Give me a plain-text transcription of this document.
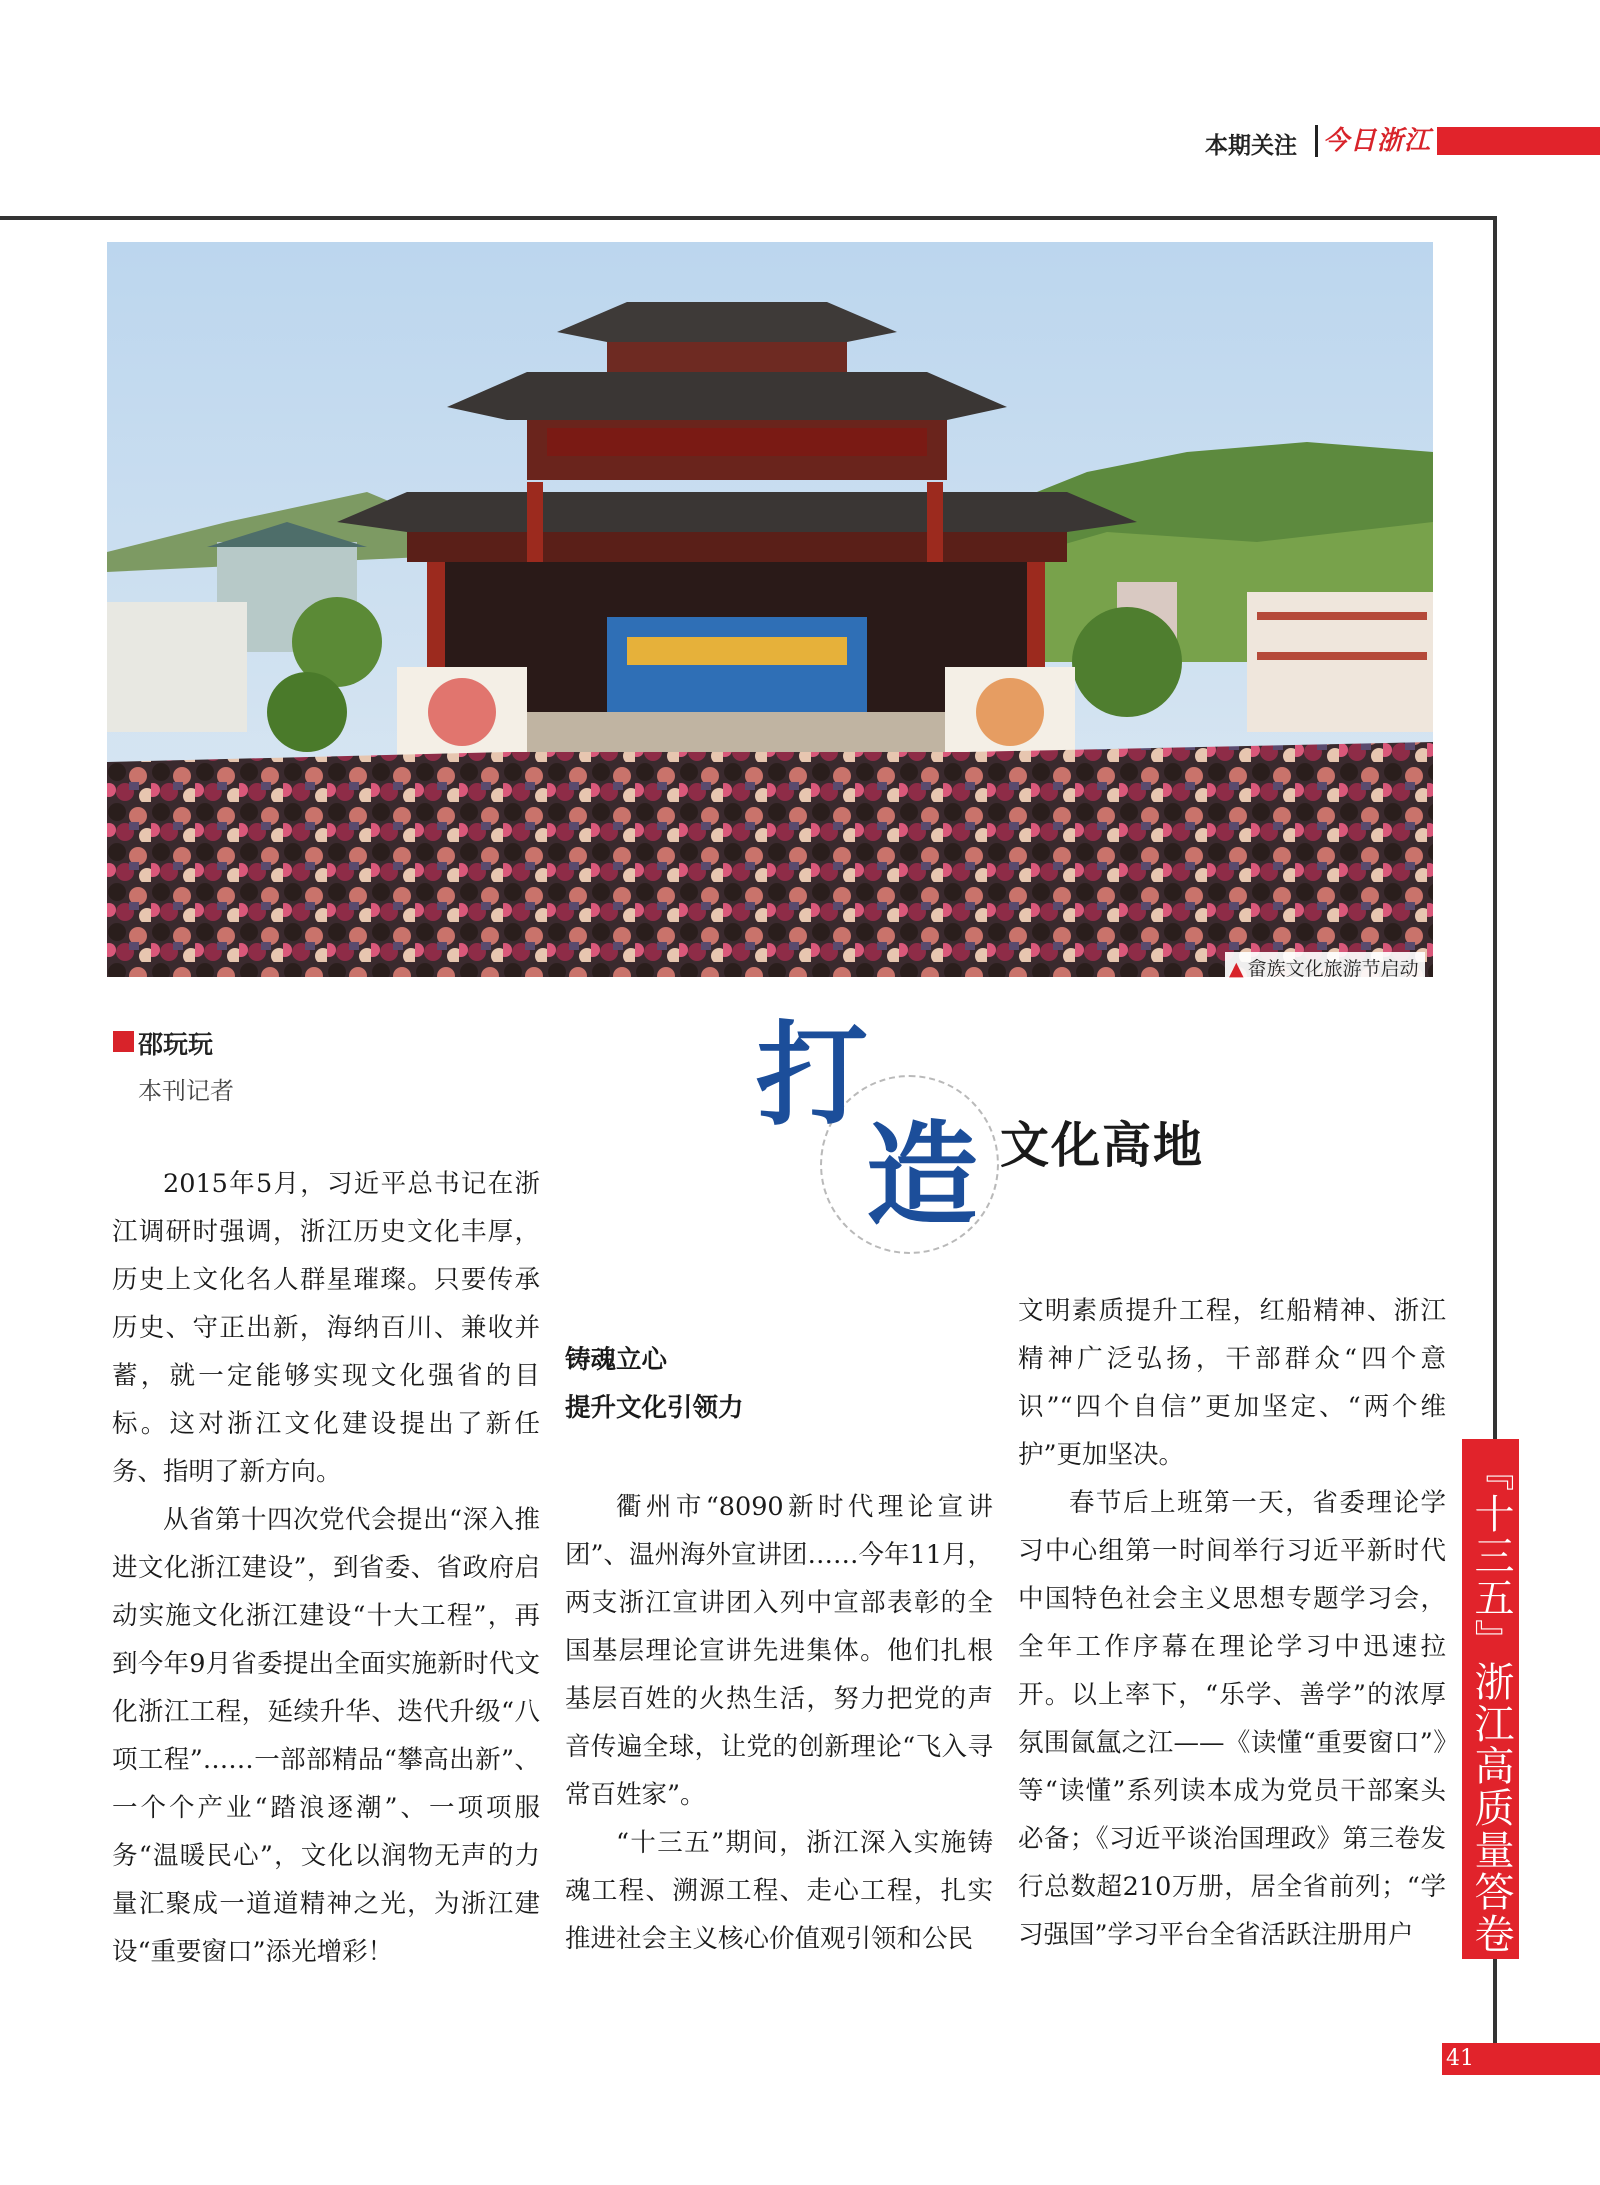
本期关注 今日浙江
▲ 畲族文化旅游节启动
邵玩玩
本刊记者	打
造 文化高地

2015年5月，习近平总书记在浙江调研时强调，浙江历史文化丰厚，历史上文化名人群星璀璨。只要传承历史、守正出新，海纳百川、兼收并蓄，就一定能够实现文化强省的目标。这对浙江文化建设提出了新任务、指明了新方向。

从省第十四次党代会提出“深入推进文化浙江建设”，到省委、省政府启动实施文化浙江建设“十大工程”，再到今年9月省委提出全面实施新时代文化浙江工程，延续升华、迭代升级“八项工程”……一部部精品“攀高出新”、一个个产业“踏浪逐潮”、一项项服务“温暖民心”，文化以润物无声的力量汇聚成一道道精神之光，为浙江建设“重要窗口”添光增彩！

铸魂立心
提升文化引领力

衢州市“8090新时代理论宣讲团”、温州海外宣讲团……今年11月，两支浙江宣讲团入列中宣部表彰的全国基层理论宣讲先进集体。他们扎根基层百姓的火热生活，努力把党的声音传遍全球，让党的创新理论“飞入寻常百姓家”。

“十三五”期间，浙江深入实施铸魂工程、溯源工程、走心工程，扎实推进社会主义核心价值观引领和公民

文明素质提升工程，红船精神、浙江精神广泛弘扬，干部群众“四个意识”“四个自信”更加坚定、“两个维护”更加坚决。

春节后上班第一天，省委理论学习中心组第一时间举行习近平新时代中国特色社会主义思想专题学习会，全年工作序幕在理论学习中迅速拉开。以上率下，“乐学、善学”的浓厚氛围氤氲之江——《读懂“重要窗口”》等“读懂”系列读本成为党员干部案头必备；《习近平谈治国理政》第三卷发行总数超210万册，居全省前列；“学习强国”学习平台全省活跃注册用户	『十三五』浙江高质量答卷
41
